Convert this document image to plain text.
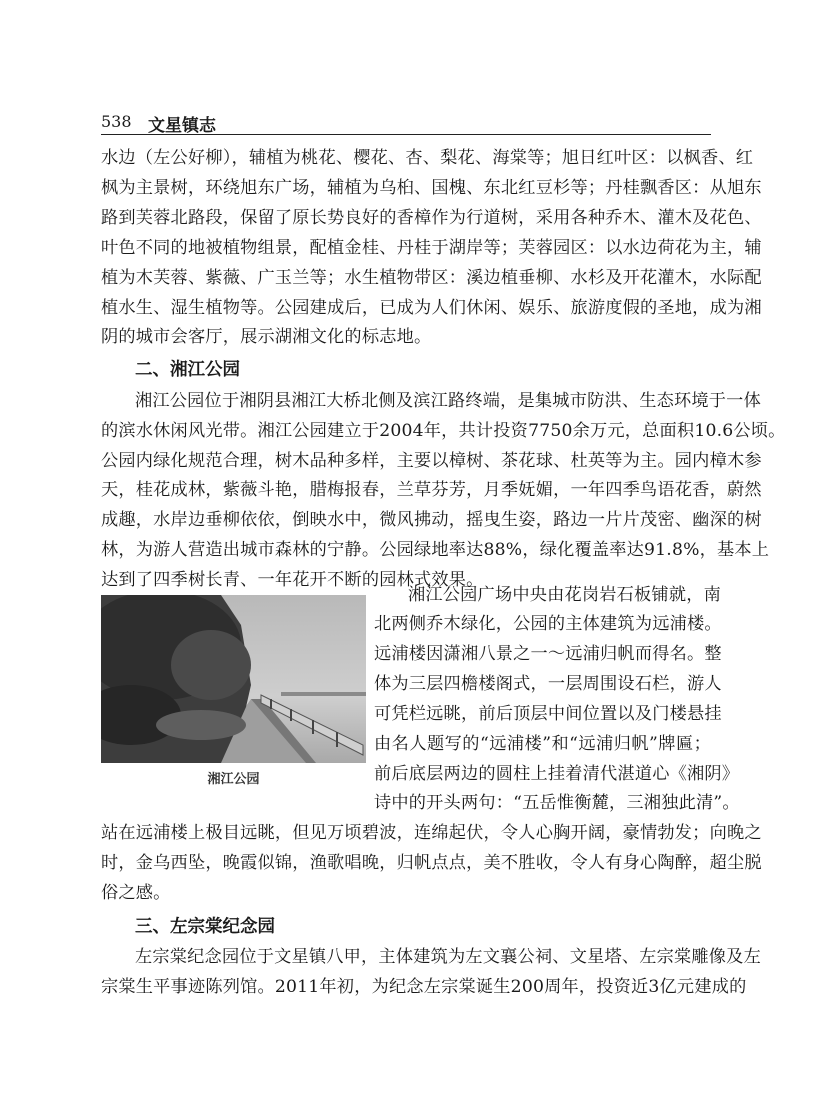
538 文星镇志
水边（左公好柳），辅植为桃花、樱花、杏、梨花、海棠等；旭日红叶区：以枫香、红
枫为主景树，环绕旭东广场，辅植为乌桕、国槐、东北红豆杉等；丹桂飘香区：从旭东
路到芙蓉北路段，保留了原长势良好的香樟作为行道树，采用各种乔木、灌木及花色、
叶色不同的地被植物组景，配植金桂、丹桂于湖岸等；芙蓉园区：以水边荷花为主，辅
植为木芙蓉、紫薇、广玉兰等；水生植物带区：溪边植垂柳、水杉及开花灌木，水际配
植水生、湿生植物等。公园建成后，已成为人们休闲、娱乐、旅游度假的圣地，成为湘
阴的城市会客厅，展示湖湘文化的标志地。
二、湘江公园
湘江公园位于湘阴县湘江大桥北侧及滨江路终端，是集城市防洪、生态环境于一体
的滨水休闲风光带。湘江公园建立于2004年，共计投资7750余万元，总面积10.6公顷。
公园内绿化规范合理，树木品种多样，主要以樟树、茶花球、杜英等为主。园内樟木参
天，桂花成林，紫薇斗艳，腊梅报春，兰草芬芳，月季妩媚，一年四季鸟语花香，蔚然
成趣，水岸边垂柳依依，倒映水中，微风拂动，摇曳生姿，路边一片片茂密、幽深的树
林，为游人营造出城市森林的宁静。公园绿地率达88%，绿化覆盖率达91.8%，基本上
达到了四季树长青、一年花开不断的园林式效果。
湘江公园
湘江公园广场中央由花岗岩石板铺就，南
北两侧乔木绿化，公园的主体建筑为远浦楼。
远浦楼因潇湘八景之一～远浦归帆而得名。整
体为三层四檐楼阁式，一层周围设石栏，游人
可凭栏远眺，前后顶层中间位置以及门楼悬挂
由名人题写的“远浦楼”和“远浦归帆”牌匾；
前后底层两边的圆柱上挂着清代湛道心《湘阴》
诗中的开头两句：“五岳惟衡麓，三湘独此清”。
站在远浦楼上极目远眺，但见万顷碧波，连绵起伏，令人心胸开阔，豪情勃发；向晚之
时，金乌西坠，晚霞似锦，渔歌唱晚，归帆点点，美不胜收，令人有身心陶醉，超尘脱
俗之感。
三、左宗棠纪念园
左宗棠纪念园位于文星镇八甲，主体建筑为左文襄公祠、文星塔、左宗棠雕像及左
宗棠生平事迹陈列馆。2011年初，为纪念左宗棠诞生200周年，投资近3亿元建成的
